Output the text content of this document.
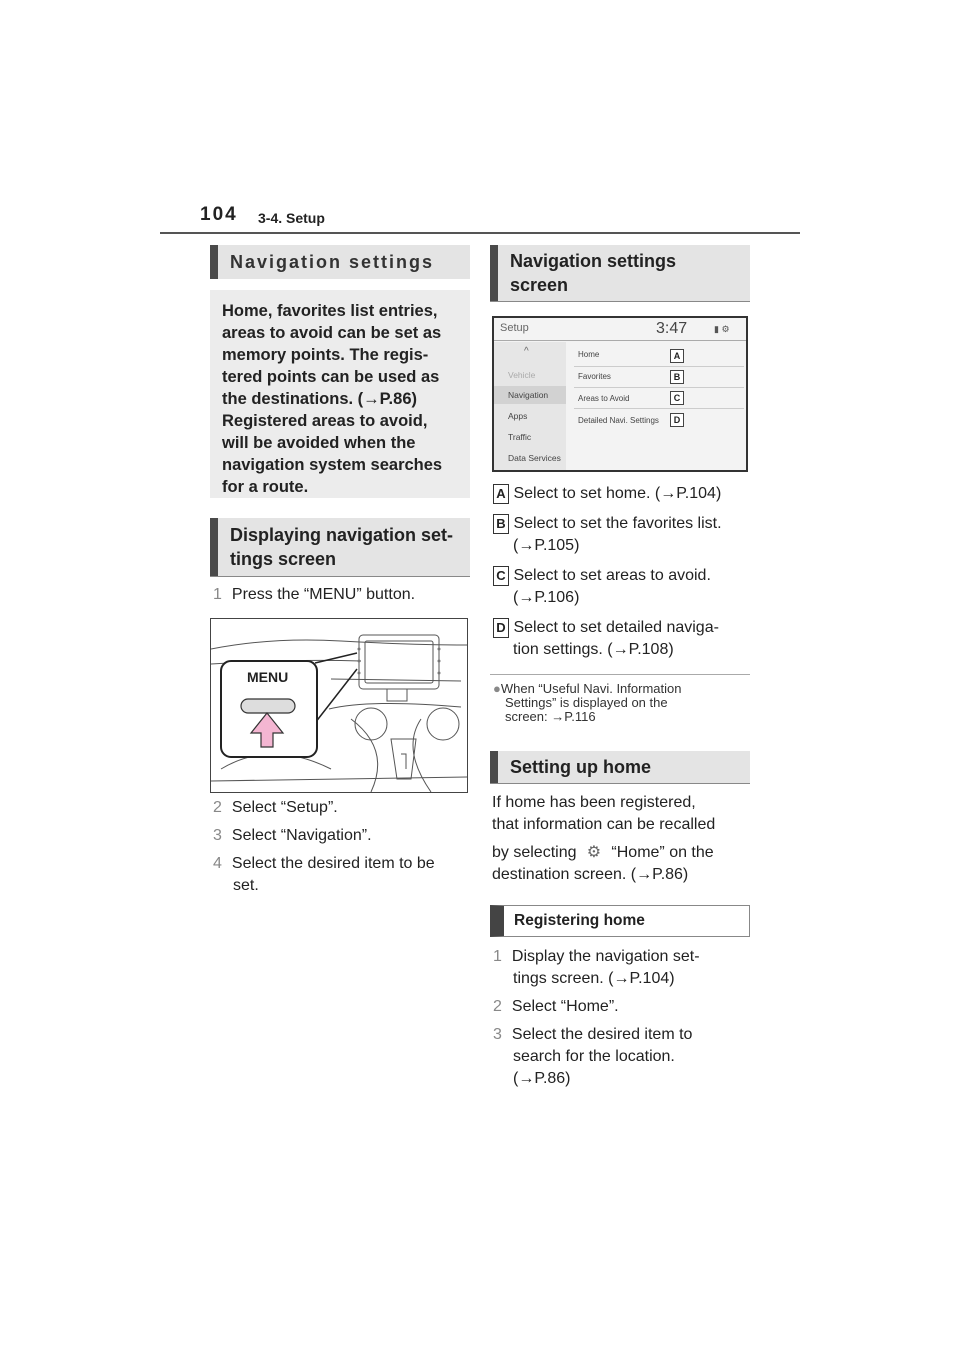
104 3-4. Setup
Navigation settings
Home, favorites list entries,
areas to avoid can be set as
memory points. The regis-
tered points can be used as
the destinations. (→P.86)
Registered areas to avoid,
will be avoided when the
navigation system searches
for a route.
Displaying navigation set-
tings screen
1 Press the “MENU” button.
MENU
2 Select “Setup”.
3 Select “Navigation”.
4 Select the desired item to be
set.
Navigation settings
screen
Setup	3:47	▮ ⚙
^
Vehicle
Navigation
Apps
Traffic
Data Services
Home	A
Favorites	B
Areas to Avoid	C
Detailed Navi. Settings	D
A Select to set home. (→P.104)
B Select to set the favorites list.
(→P.105)
C Select to set areas to avoid.
(→P.106)
D Select to set detailed naviga-
tion settings. (→P.108)
●When “Useful Navi. Information
Settings” is displayed on the
screen: →P.116
Setting up home
If home has been registered,
that information can be recalled
by selecting ⚙ “Home” on the
destination screen. (→P.86)
Registering home
1 Display the navigation set-
tings screen. (→P.104)
2 Select “Home”.
3 Select the desired item to
search for the location.
(→P.86)
